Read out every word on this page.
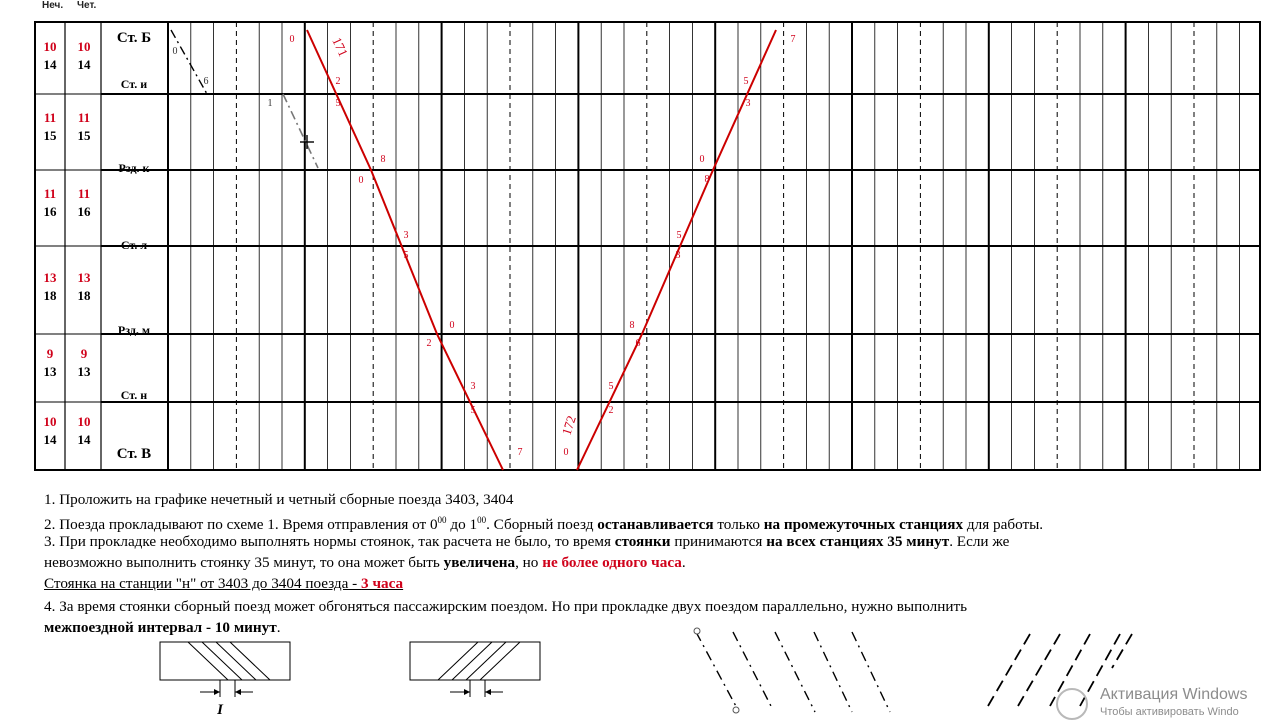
Неч. Чет.
Ст. Б
10
14
10
14
Ст. и
11
15
11
15
Рзд. к
11
16
11
16
Ст. л
13
18
13
18
Рзд. м
9
13
9
13
Ст. н
10
14
10
14
Ст. В
171
172
0
2
5
8
0
3
5
0
2
3
5
7	0
2
5
6
8
3
5
8
0
3
5
7
0
1
6
I
1. Проложить на графике нечетный и четный сборные поезда 3403, 3404
2. Поезда прокладывают по схеме 1. Время отправления от $0^{00}$ до $1^{00}$. Сборный поезд останавливается только на промежуточных станциях для работы.
3. При прокладке необходимо выполнять нормы стоянок, так расчета не было, то время стоянки принимаются на всех станциях 35 минут. Если же
невозможно выполнить стоянку 35 минут, то она может быть увеличена, но не более одного часа.
Стоянка на станции "н" от 3403 до 3404 поезда - 3 часа
4. За время стоянки сборный поезд может обгоняться пассажирским поездом. Но при прокладке двух поездом параллельно, нужно выполнить
межпоездной интервал - 10 минут.
Активация Windows
Чтобы активировать Windo
